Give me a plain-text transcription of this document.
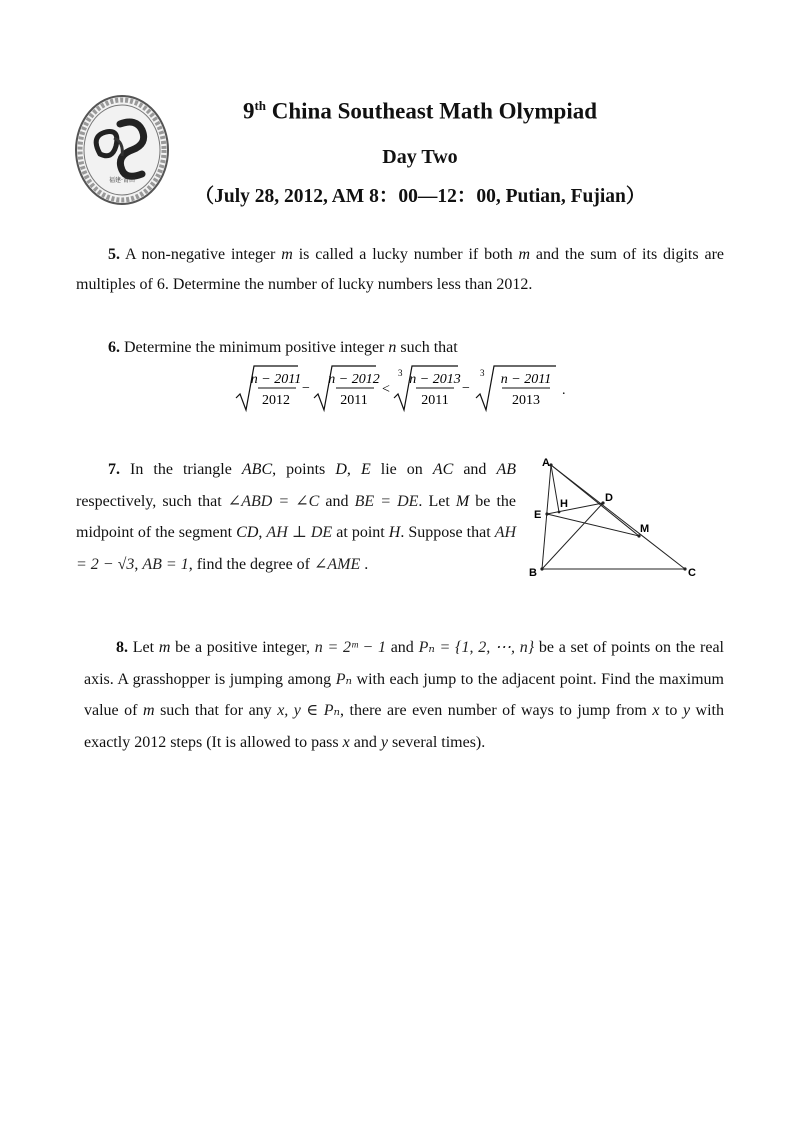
福建·莆田
9th China Southeast Math Olympiad
Day Two
（July 28, 2012, AM 8：00—12：00, Putian, Fujian）
5. A non-negative integer m is called a lucky number if both m and the sum of its digits are multiples of 6. Determine the number of lucky numbers less than 2012.
6. Determine the minimum positive integer n such that
n − 2011
2012
−
n − 2012
2011
<
3 n − 2013
2011
−
3 n − 2011
2013
.
7. In the triangle ABC, points D, E lie on AC and AB respectively, such that ∠ABD = ∠C and BE = DE. Let M be the midpoint of the segment CD, AH ⊥ DE at point H. Suppose that AH = 2 − √3, AB = 1, find the degree of ∠AME .
A
B	C
D
E
H
M
8. Let m be a positive integer, n = 2ᵐ − 1 and Pₙ = {1, 2, ⋯, n} be a set of points on the real axis. A grasshopper is jumping among Pₙ with each jump to the adjacent point. Find the maximum value of m such that for any x, y ∈ Pₙ, there are even number of ways to jump from x to y with exactly 2012 steps (It is allowed to pass x and y several times).
